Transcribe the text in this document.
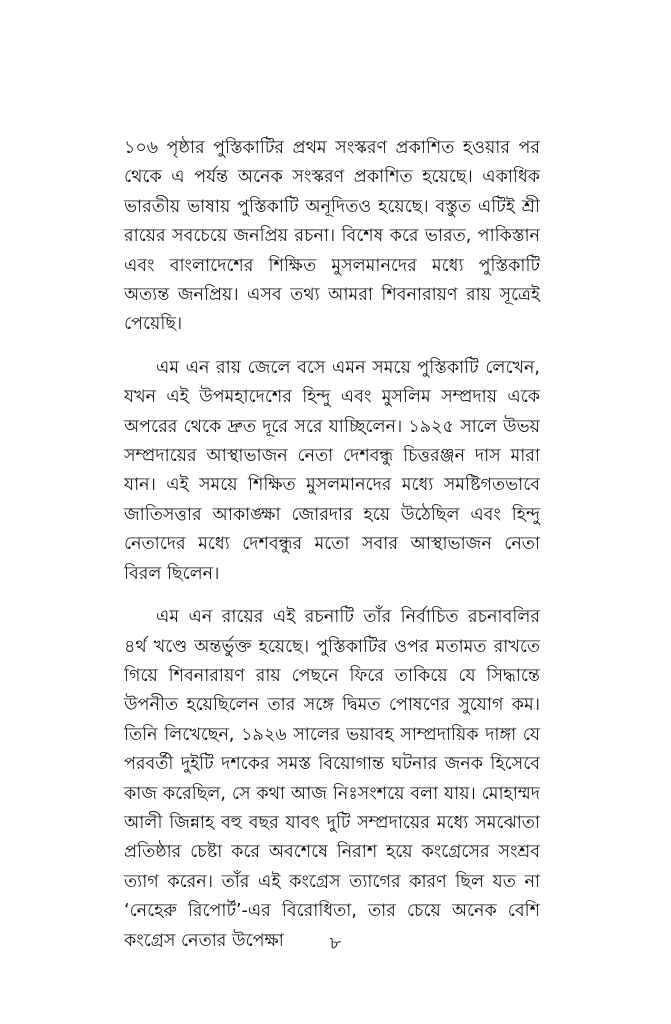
১০৬ পৃষ্ঠার পুস্তিকাটির প্রথম সংস্করণ প্রকাশিত হওয়ার পর থেকে এ পর্যন্ত অনেক সংস্করণ প্রকাশিত হয়েছে। একাধিক ভারতীয় ভাষায় পুস্তিকাটি অনূদিতও হয়েছে। বস্তুত এটিই শ্রী রায়ের সবচেয়ে জনপ্রিয় রচনা। বিশেষ করে ভারত, পাকিস্তান এবং বাংলাদেশের শিক্ষিত মুসলমানদের মধ্যে পুস্তিকাটি অত্যন্ত জনপ্রিয়। এসব তথ্য আমরা শিবনারায়ণ রায় সূত্রেই পেয়েছি।

এম এন রায় জেলে বসে এমন সময়ে পুস্তিকাটি লেখেন, যখন এই উপমহাদেশের হিন্দু এবং মুসলিম সম্প্রদায় একে অপরের থেকে দ্রুত দূরে সরে যাচ্ছিলেন। ১৯২৫ সালে উভয় সম্প্রদায়ের আস্থাভাজন নেতা দেশবন্ধু চিত্তরঞ্জন দাস মারা যান। এই সময়ে শিক্ষিত মুসলমানদের মধ্যে সমষ্টিগতভাবে জাতিসত্তার আকাঙ্ক্ষা জোরদার হয়ে উঠেছিল এবং হিন্দু নেতাদের মধ্যে দেশবন্ধুর মতো সবার আস্থাভাজন নেতা বিরল ছিলেন।

এম এন রায়ের এই রচনাটি তাঁর নির্বাচিত রচনাবলির ৪র্থ খণ্ডে অন্তর্ভুক্ত হয়েছে। পুস্তিকাটির ওপর মতামত রাখতে গিয়ে শিবনারায়ণ রায় পেছনে ফিরে তাকিয়ে যে সিদ্ধান্তে উপনীত হয়েছিলেন তার সঙ্গে দ্বিমত পোষণের সুযোগ কম। তিনি লিখেছেন, ১৯২৬ সালের ভয়াবহ সাম্প্রদায়িক দাঙ্গা যে পরবর্তী দুইটি দশকের সমস্ত বিয়োগান্ত ঘটনার জনক হিসেবে কাজ করেছিল, সে কথা আজ নিঃসংশয়ে বলা যায়। মোহাম্মদ আলী জিন্নাহ বহু বছর যাবৎ দুটি সম্প্রদায়ের মধ্যে সমঝোতা প্রতিষ্ঠার চেষ্টা করে অবশেষে নিরাশ হয়ে কংগ্রেসের সংশ্রব ত্যাগ করেন। তাঁর এই কংগ্রেস ত্যাগের কারণ ছিল যত না ‘নেহেরু রিপোর্ট’-এর বিরোধিতা, তার চেয়ে অনেক বেশি কংগ্রেস নেতার উপেক্ষা	৮
